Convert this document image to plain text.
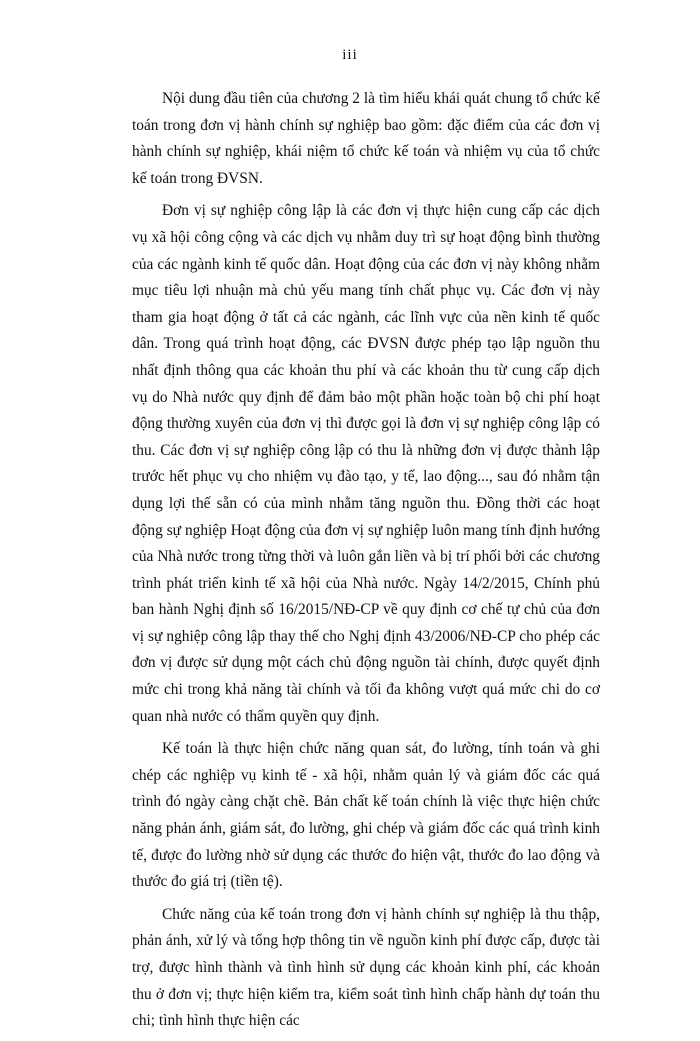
iii

Nội dung đầu tiên của chương 2 là tìm hiểu khái quát chung tổ chức kế toán trong đơn vị hành chính sự nghiệp bao gồm: đặc điểm của các đơn vị hành chính sự nghiệp, khái niệm tổ chức kế toán và nhiệm vụ của tổ chức kế toán trong ĐVSN.

Đơn vị sự nghiệp công lập là các đơn vị thực hiện cung cấp các dịch vụ xã hội công cộng và các dịch vụ nhằm duy trì sự hoạt động bình thường của các ngành kinh tế quốc dân. Hoạt động của các đơn vị này không nhằm mục tiêu lợi nhuận mà chủ yếu mang tính chất phục vụ. Các đơn vị này tham gia hoạt động ở tất cả các ngành, các lĩnh vực của nền kinh tế quốc dân. Trong quá trình hoạt động, các ĐVSN được phép tạo lập nguồn thu nhất định thông qua các khoản thu phí và các khoản thu từ cung cấp dịch vụ do Nhà nước quy định để đảm bảo một phần hoặc toàn bộ chi phí hoạt động thường xuyên của đơn vị thì được gọi là đơn vị sự nghiệp công lập có thu. Các đơn vị sự nghiệp công lập có thu là những đơn vị được thành lập trước hết phục vụ cho nhiệm vụ đào tạo, y tế, lao động..., sau đó nhằm tận dụng lợi thế sẵn có của mình nhằm tăng nguồn thu. Đồng thời các hoạt động sự nghiệp Hoạt động của đơn vị sự nghiệp luôn mang tính định hướng của Nhà nước trong từng thời và luôn gắn liền và bị trí phối bởi các chương trình phát triển kinh tế xã hội của Nhà nước. Ngày 14/2/2015, Chính phủ ban hành Nghị định số 16/2015/NĐ-CP về quy định cơ chế tự chủ của đơn vị sự nghiệp công lập thay thế cho Nghị định 43/2006/NĐ-CP cho phép các đơn vị được sử dụng một cách chủ động nguồn tài chính, được quyết định mức chi trong khả năng tài chính và tối đa không vượt quá mức chi do cơ quan nhà nước có thẩm quyền quy định.

Kế toán là thực hiện chức năng quan sát, đo lường, tính toán và ghi chép các nghiệp vụ kinh tế - xã hội, nhằm quản lý và giám đốc các quá trình đó ngày càng chặt chẽ. Bản chất kế toán chính là việc thực hiện chức năng phản ánh, giám sát, đo lường, ghi chép và giám đốc các quá trình kinh tế, được đo lường nhờ sử dụng các thước đo hiện vật, thước đo lao động và thước đo giá trị (tiền tệ).

Chức năng của kế toán trong đơn vị hành chính sự nghiệp là thu thập, phản ánh, xử lý và tổng hợp thông tin về nguồn kinh phí được cấp, được tài trợ, được hình thành và tình hình sử dụng các khoản kinh phí, các khoản thu ở đơn vị; thực hiện kiểm tra, kiểm soát tình hình chấp hành dự toán thu chi; tình hình thực hiện các
